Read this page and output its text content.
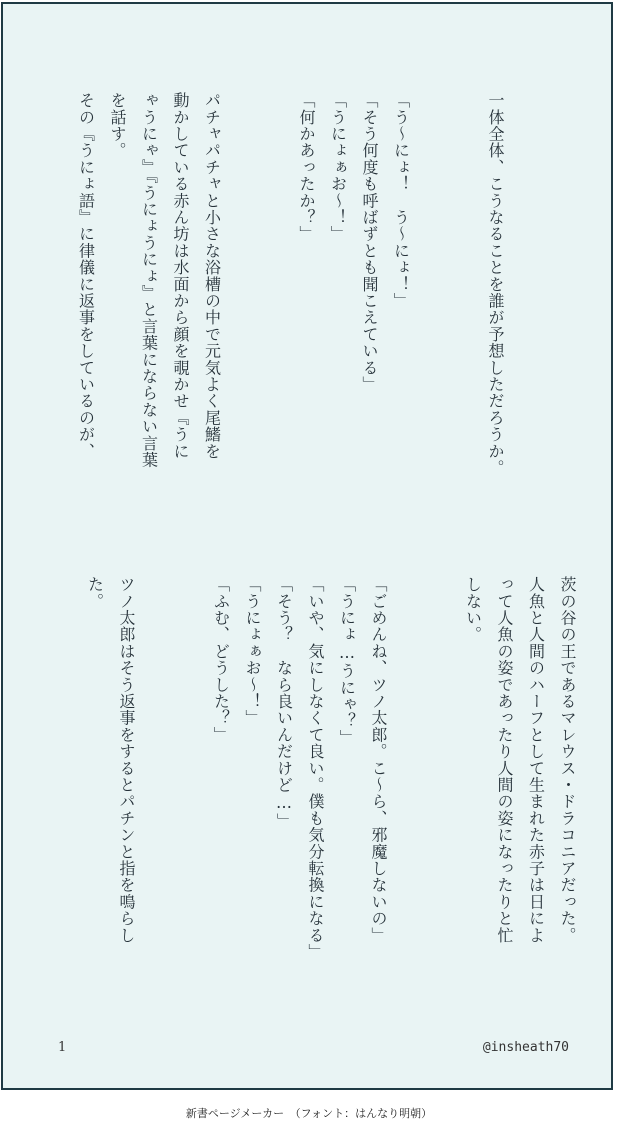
一体全体、こうなることを誰が予想しただろうか。

「う〜にょ！　う〜にょ！」
「そう何度も呼ばずとも聞こえている」
「うにょぁお〜！」
「何かあったか？」

パチャパチャと小さな浴槽の中で元気よく尾鰭を
動かしている赤ん坊は水面から顔を覗かせ『うに
ゃうにゃ』『うにょうにょ』と言葉にならない言葉
を話す。
その『うにょ語』に律儀に返事をしているのが、
茨の谷の王であるマレウス・ドラコニアだった。
人魚と人間のハーフとして生まれた赤子は日によ
って人魚の姿であったり人間の姿になったりと忙
しない。

「ごめんね、ツノ太郎。こ〜ら、邪魔しないの」
「うにょ…うにゃ？」
「いや、気にしなくて良い。僕も気分転換になる」
「そう？　なら良いんだけど…」
「うにょぁお〜！」
「ふむ、どうした？」

ツノ太郎はそう返事をするとパチンと指を鳴らし
た。
1	@insheath70
新書ページメーカー　（フォント：はんなり明朝）
